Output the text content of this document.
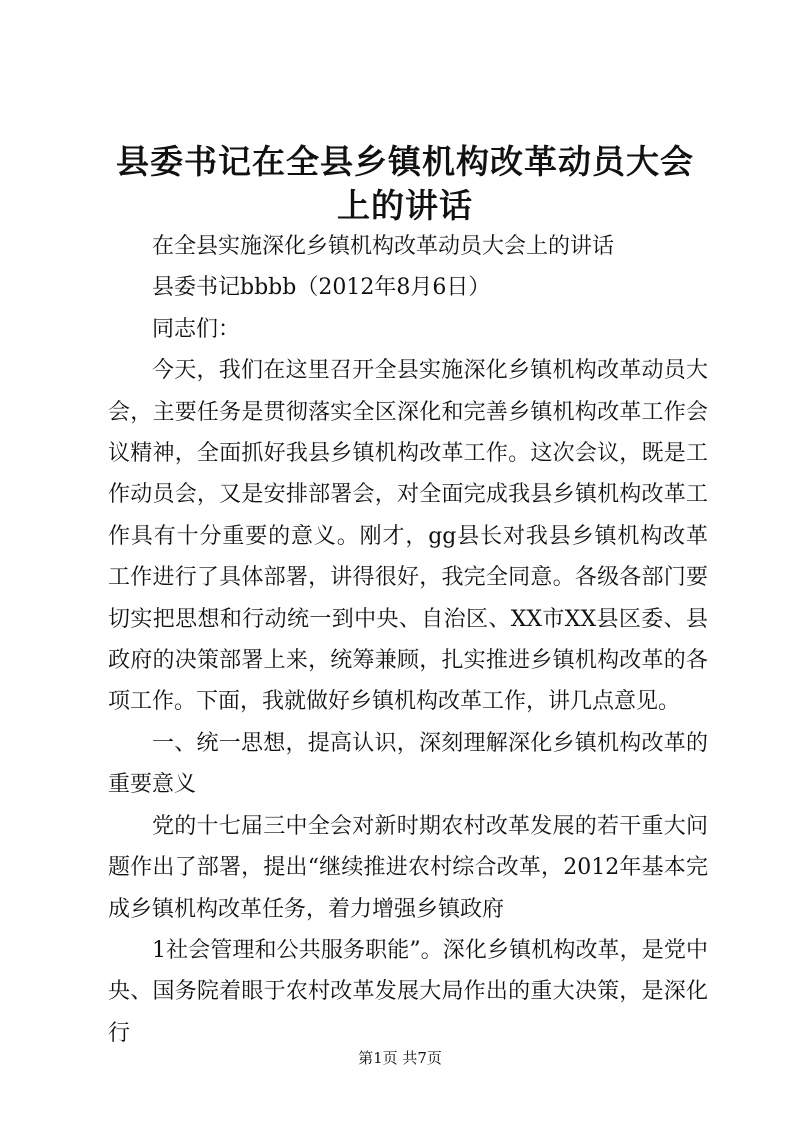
县委书记在全县乡镇机构改革动员大会上的讲话

在全县实施深化乡镇机构改革动员大会上的讲话

县委书记bbbb（2012年8月6日）

同志们：

今天，我们在这里召开全县实施深化乡镇机构改革动员大会，主要任务是贯彻落实全区深化和完善乡镇机构改革工作会议精神，全面抓好我县乡镇机构改革工作。这次会议，既是工作动员会，又是安排部署会，对全面完成我县乡镇机构改革工作具有十分重要的意义。刚才，gg县长对我县乡镇机构改革工作进行了具体部署，讲得很好，我完全同意。各级各部门要切实把思想和行动统一到中央、自治区、XX市XX县区委、县政府的决策部署上来，统筹兼顾，扎实推进乡镇机构改革的各项工作。下面，我就做好乡镇机构改革工作，讲几点意见。

一、统一思想，提高认识，深刻理解深化乡镇机构改革的重要意义

党的十七届三中全会对新时期农村改革发展的若干重大问题作出了部署，提出“继续推进农村综合改革，2012年基本完成乡镇机构改革任务，着力增强乡镇政府

1社会管理和公共服务职能”。深化乡镇机构改革，是党中央、国务院着眼于农村改革发展大局作出的重大决策，是深化行

第1页 共7页
